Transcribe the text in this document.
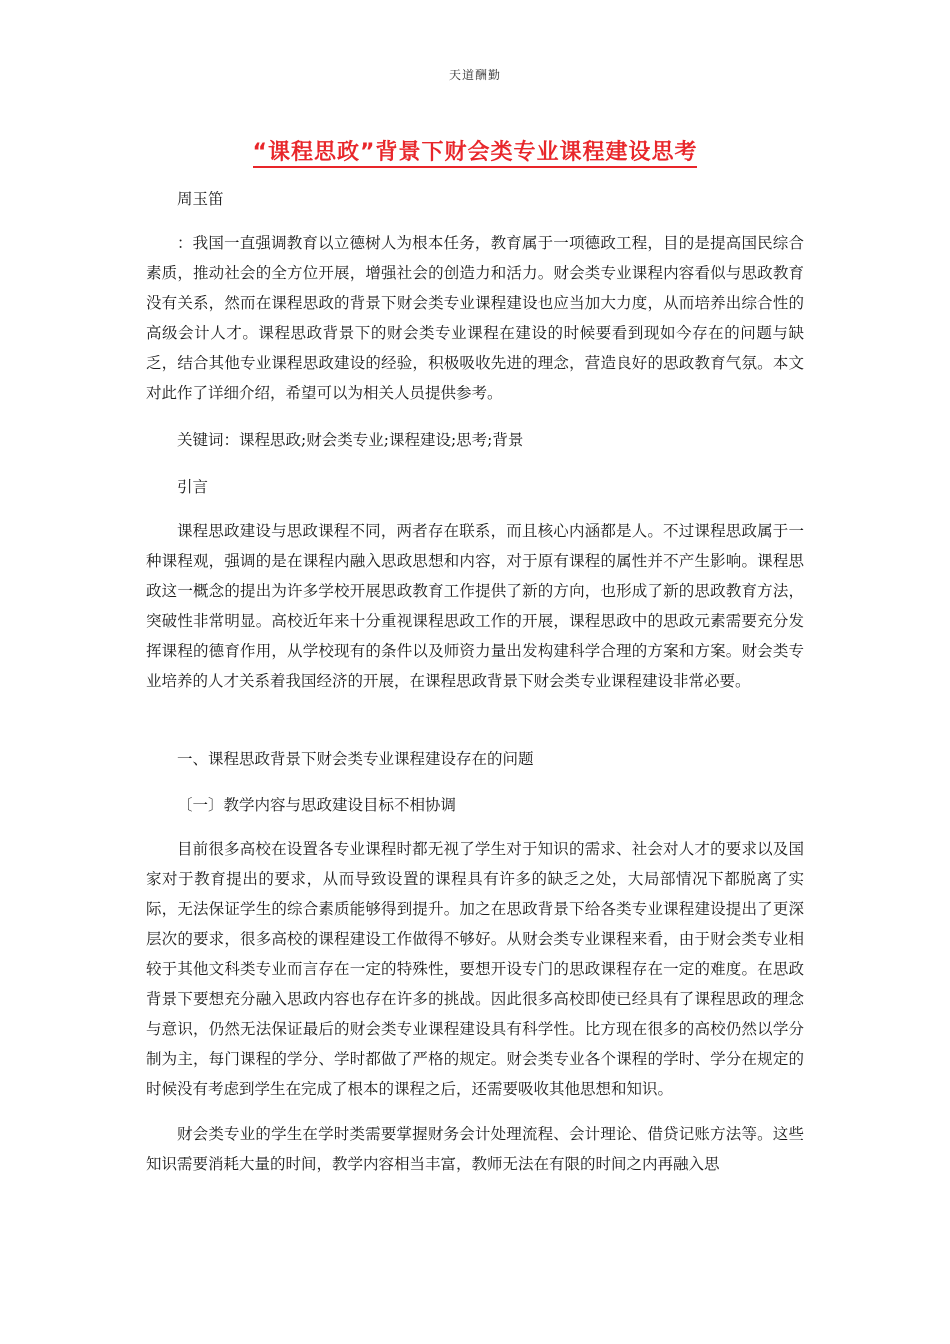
天道酬勤
“课程思政”背景下财会类专业课程建设思考

周玉笛

：我国一直强调教育以立德树人为根本任务，教育属于一项德政工程，目的是提高国民综合素质，推动社会的全方位开展，增强社会的创造力和活力。财会类专业课程内容看似与思政教育没有关系，然而在课程思政的背景下财会类专业课程建设也应当加大力度，从而培养出综合性的高级会计人才。课程思政背景下的财会类专业课程在建设的时候要看到现如今存在的问题与缺乏，结合其他专业课程思政建设的经验，积极吸收先进的理念，营造良好的思政教育气氛。本文对此作了详细介绍，希望可以为相关人员提供参考。

关键词：课程思政;财会类专业;课程建设;思考;背景

引言

课程思政建设与思政课程不同，两者存在联系，而且核心内涵都是人。不过课程思政属于一种课程观，强调的是在课程内融入思政思想和内容，对于原有课程的属性并不产生影响。课程思政这一概念的提出为许多学校开展思政教育工作提供了新的方向，也形成了新的思政教育方法，突破性非常明显。高校近年来十分重视课程思政工作的开展，课程思政中的思政元素需要充分发挥课程的德育作用，从学校现有的条件以及师资力量出发构建科学合理的方案和方案。财会类专业培养的人才关系着我国经济的开展，在课程思政背景下财会类专业课程建设非常必要。

一、课程思政背景下财会类专业课程建设存在的问题

〔一〕教学内容与思政建设目标不相协调

目前很多高校在设置各专业课程时都无视了学生对于知识的需求、社会对人才的要求以及国家对于教育提出的要求，从而导致设置的课程具有许多的缺乏之处，大局部情况下都脱离了实际，无法保证学生的综合素质能够得到提升。加之在思政背景下给各类专业课程建设提出了更深层次的要求，很多高校的课程建设工作做得不够好。从财会类专业课程来看，由于财会类专业相较于其他文科类专业而言存在一定的特殊性，要想开设专门的思政课程存在一定的难度。在思政背景下要想充分融入思政内容也存在许多的挑战。因此很多高校即使已经具有了课程思政的理念与意识，仍然无法保证最后的财会类专业课程建设具有科学性。比方现在很多的高校仍然以学分制为主，每门课程的学分、学时都做了严格的规定。财会类专业各个课程的学时、学分在规定的时候没有考虑到学生在完成了根本的课程之后，还需要吸收其他思想和知识。

财会类专业的学生在学时类需要掌握财务会计处理流程、会计理论、借贷记账方法等。这些知识需要消耗大量的时间，教学内容相当丰富，教师无法在有限的时间之内再融入思
